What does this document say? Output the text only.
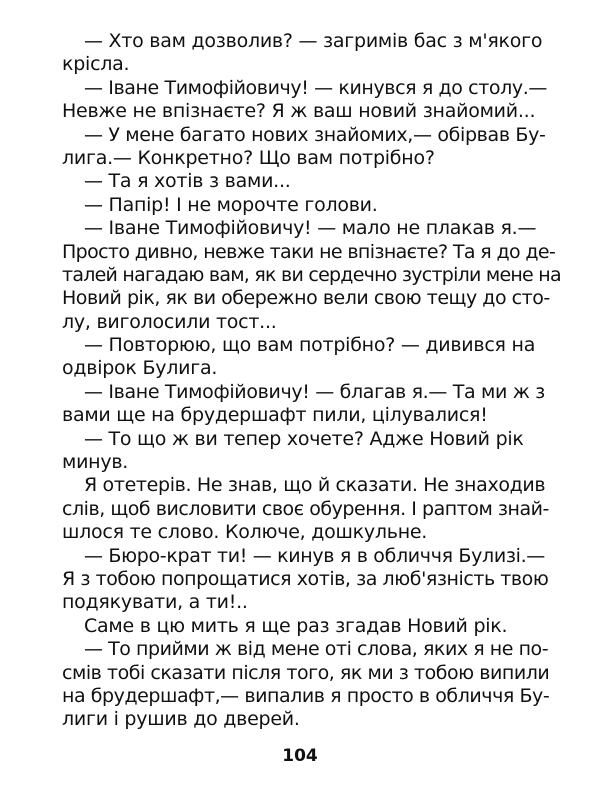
— Хто вам дозволив? — загримів бас з м'якого
крісла.
— Іване Тимофійовичу! — кинувся я до столу.—
Невже не впізнаєте? Я ж ваш новий знайомий...
— У мене багато нових знайомих,— обірвав Бу-
лига.— Конкретно? Що вам потрібно?
— Та я хотів з вами...
— Папір! І не морочте голови.
— Іване Тимофійовичу! — мало не плакав я.—
Просто дивно, невже таки не впізнаєте? Та я до де-
талей нагадаю вам, як ви сердечно зустріли мене на
Новий рік, як ви обережно вели свою тещу до сто-
лу, виголосили тост...
— Повторюю, що вам потрібно? — дивився на
одвірок Булига.
— Іване Тимофійовичу! — благав я.— Та ми ж з
вами ще на брудершафт пили, цілувалися!
— То що ж ви тепер хочете? Адже Новий рік
минув.
Я отетерів. Не знав, що й сказати. Не знаходив
слів, щоб висловити своє обурення. І раптом знай-
шлося те слово. Колюче, дошкульне.
— Бюро-крат ти! — кинув я в обличчя Булизі.—
Я з тобою попрощатися хотів, за люб'язність твою
подякувати, а ти!..
Саме в цю мить я ще раз згадав Новий рік.
— То прийми ж від мене оті слова, яких я не по-
смів тобі сказати після того, як ми з тобою випили
на брудершафт,— випалив я просто в обличчя Бу-
лиги і рушив до дверей.
104
